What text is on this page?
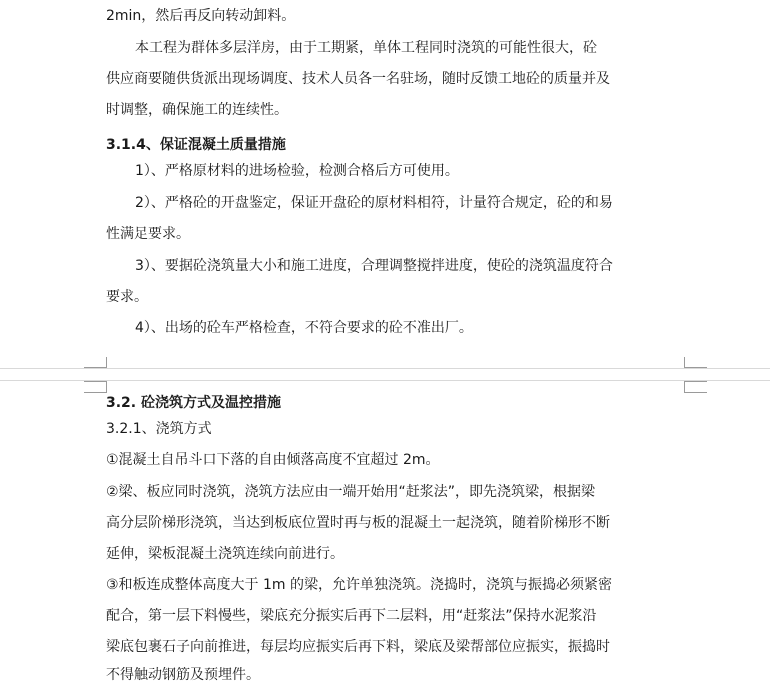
2min，然后再反向转动卸料。
本工程为群体多层洋房，由于工期紧，单体工程同时浇筑的可能性很大，砼
供应商要随供货派出现场调度、技术人员各一名驻场，随时反馈工地砼的质量并及
时调整，确保施工的连续性。
3.1.4、保证混凝土质量措施
1）、严格原材料的进场检验，检测合格后方可使用。
2）、严格砼的开盘鉴定，保证开盘砼的原材料相符，计量符合规定，砼的和易
性满足要求。
3）、要据砼浇筑量大小和施工进度，合理调整搅拌进度，使砼的浇筑温度符合
要求。
4）、出场的砼车严格检查，不符合要求的砼不准出厂。
3.2. 砼浇筑方式及温控措施
3.2.1、浇筑方式
①混凝土自吊斗口下落的自由倾落高度不宜超过 2m。
②梁、板应同时浇筑，浇筑方法应由一端开始用“赶浆法”，即先浇筑梁，根据梁
高分层阶梯形浇筑，当达到板底位置时再与板的混凝土一起浇筑，随着阶梯形不断
延伸，梁板混凝土浇筑连续向前进行。
③和板连成整体高度大于 1m 的梁，允许单独浇筑。浇捣时，浇筑与振捣必须紧密
配合，第一层下料慢些，梁底充分振实后再下二层料，用“赶浆法”保持水泥浆沿
梁底包裹石子向前推进，每层均应振实后再下料，梁底及梁帮部位应振实，振捣时
不得触动钢筋及预埋件。
